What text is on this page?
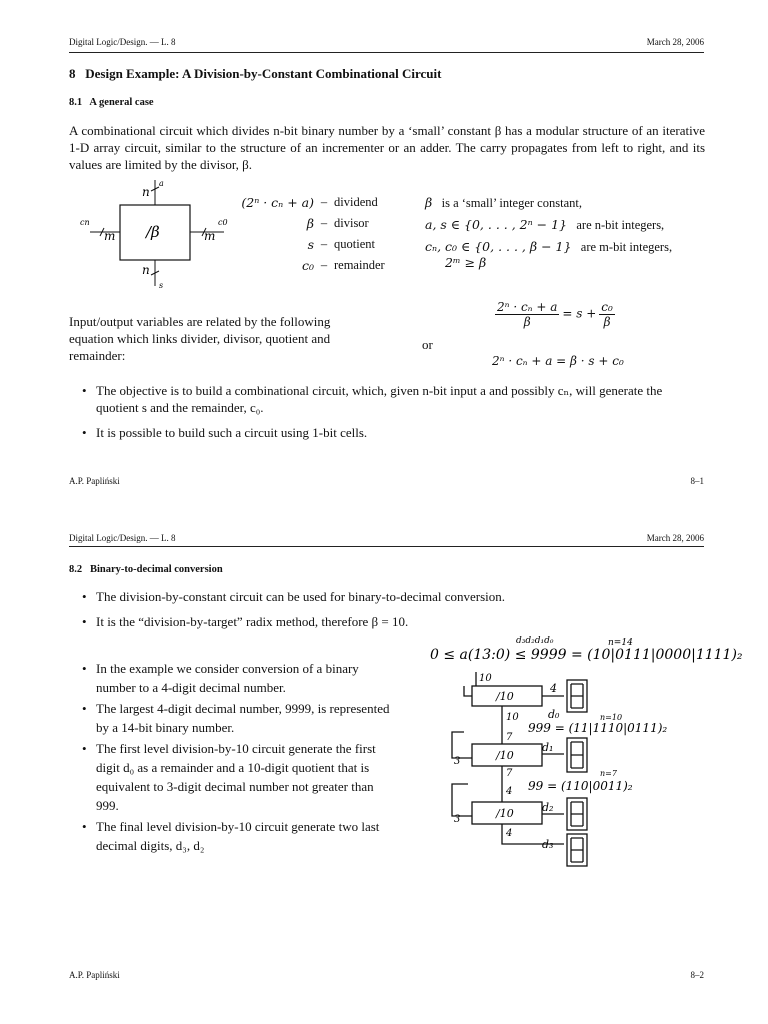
Digital Logic/Design. — L. 8	March 28, 2006
8   Design Example: A Division-by-Constant Combinational Circuit
8.1   A general case
A combinational circuit which divides n-bit binary number by a ‘small’ constant β has a modular structure of an iterative 1-D array circuit, similar to the structure of an incrementer or an adder. The carry propagates from left to right, and its values are limited by the divisor, β.
/β
n
a
cn
m
c0
m
n
s
(2ⁿ · cₙ + a) – dividend
β – divisor
s – quotient
c₀ – remainder
β is a ‘small’ integer constant,
a, s ∈ {0, . . . , 2ⁿ − 1} are n-bit integers,
cₙ, c₀ ∈ {0, . . . , β − 1} are m-bit integers,
2ᵐ ≥ β
Input/output variables are related by the following equation which links divider, divisor, quotient and remainder:
$\frac{\text{2ⁿ · cₙ + a}}{\beta} = s + \frac{\text{c₀}}{\beta}$
or
2ⁿ · cₙ + a = β · s + c₀
• The objective is to build a combinational circuit, which, given n-bit input a and possibly cₙ, will generate the quotient s and the remainder, c₀.
• It is possible to build such a circuit using 1-bit cells.
A.P. Papliński	8–1
Digital Logic/Design. — L. 8	March 28, 2006
8.2   Binary-to-decimal conversion
• The division-by-constant circuit can be used for binary-to-decimal conversion.
• It is the “division-by-target” radix method, therefore β = 10.
• In the example we consider conversion of a binary number to a 4-digit decimal number.
• The largest 4-digit decimal number, 9999, is represented by a 14-bit binary number.
• The first level division-by-10 circuit generate the first digit d₀ as a remainder and a 10-digit quotient that is equivalent to 3-digit decimal number not greater than 999.
• The final level division-by-10 circuit generate two last decimal digits, d₃, d₂
0 ≤ a(13:0) ≤ 9999 = (10|0111|0000|1111)₂
d₃d₂d₁d₀	n=14
10
/10
4
d₀
10
7
n=10
999 = (11|1110|0111)₂
3	/10
d₁
7
4
n=7
99 = (110|0011)₂
3	/10	d₂
4
d₃
A.P. Papliński	8–2
